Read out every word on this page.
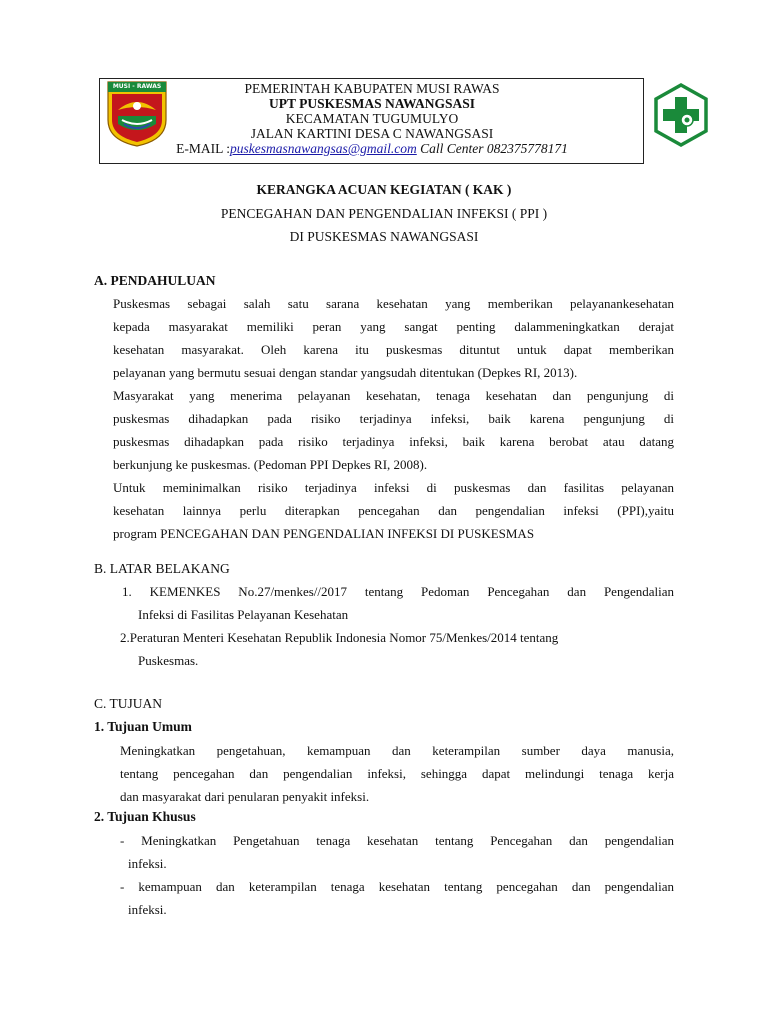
MUSI - RAWAS	PEMERINTAH KABUPATEN MUSI RAWAS
UPT PUSKESMAS NAWANGSASI
KECAMATAN TUGUMULYO
JALAN KARTINI DESA C NAWANGSASI
E-MAIL :puskesmasnawangsas@gmail.com Call Center 082375778171
KERANGKA ACUAN KEGIATAN ( KAK )
PENCEGAHAN DAN PENGENDALIAN INFEKSI ( PPI )
DI PUSKESMAS NAWANGSASI
A. PENDAHULUAN
Puskesmas sebagai salah satu sarana kesehatan yang memberikan pelayanankesehatan
kepada masyarakat memiliki peran yang sangat penting dalammeningkatkan derajat
kesehatan masyarakat. Oleh karena itu puskesmas dituntut untuk dapat memberikan
pelayanan yang bermutu sesuai dengan standar yangsudah ditentukan (Depkes RI, 2013).
Masyarakat yang menerima pelayanan kesehatan, tenaga kesehatan dan pengunjung di
puskesmas dihadapkan pada risiko terjadinya infeksi, baik karena pengunjung di
puskesmas dihadapkan pada risiko terjadinya infeksi, baik karena berobat atau datang
berkunjung ke puskesmas. (Pedoman PPI Depkes RI, 2008).
Untuk meminimalkan risiko terjadinya infeksi di puskesmas dan fasilitas pelayanan
kesehatan lainnya perlu diterapkan pencegahan dan pengendalian infeksi (PPI),yaitu
program PENCEGAHAN DAN PENGENDALIAN INFEKSI DI PUSKESMAS
B. LATAR BELAKANG
1. KEMENKES No.27/menkes//2017 tentang Pedoman Pencegahan dan Pengendalian
Infeksi di Fasilitas Pelayanan Kesehatan
2.Peraturan Menteri Kesehatan Republik Indonesia Nomor 75/Menkes/2014 tentang
Puskesmas.
C. TUJUAN
1. Tujuan Umum
Meningkatkan pengetahuan, kemampuan dan keterampilan sumber daya manusia,
tentang pencegahan dan pengendalian infeksi, sehingga dapat melindungi tenaga kerja
dan masyarakat dari penularan penyakit infeksi.
2. Tujuan Khusus
- Meningkatkan Pengetahuan tenaga kesehatan tentang Pencegahan dan pengendalian
infeksi.
- kemampuan dan keterampilan tenaga kesehatan tentang pencegahan dan pengendalian
infeksi.
